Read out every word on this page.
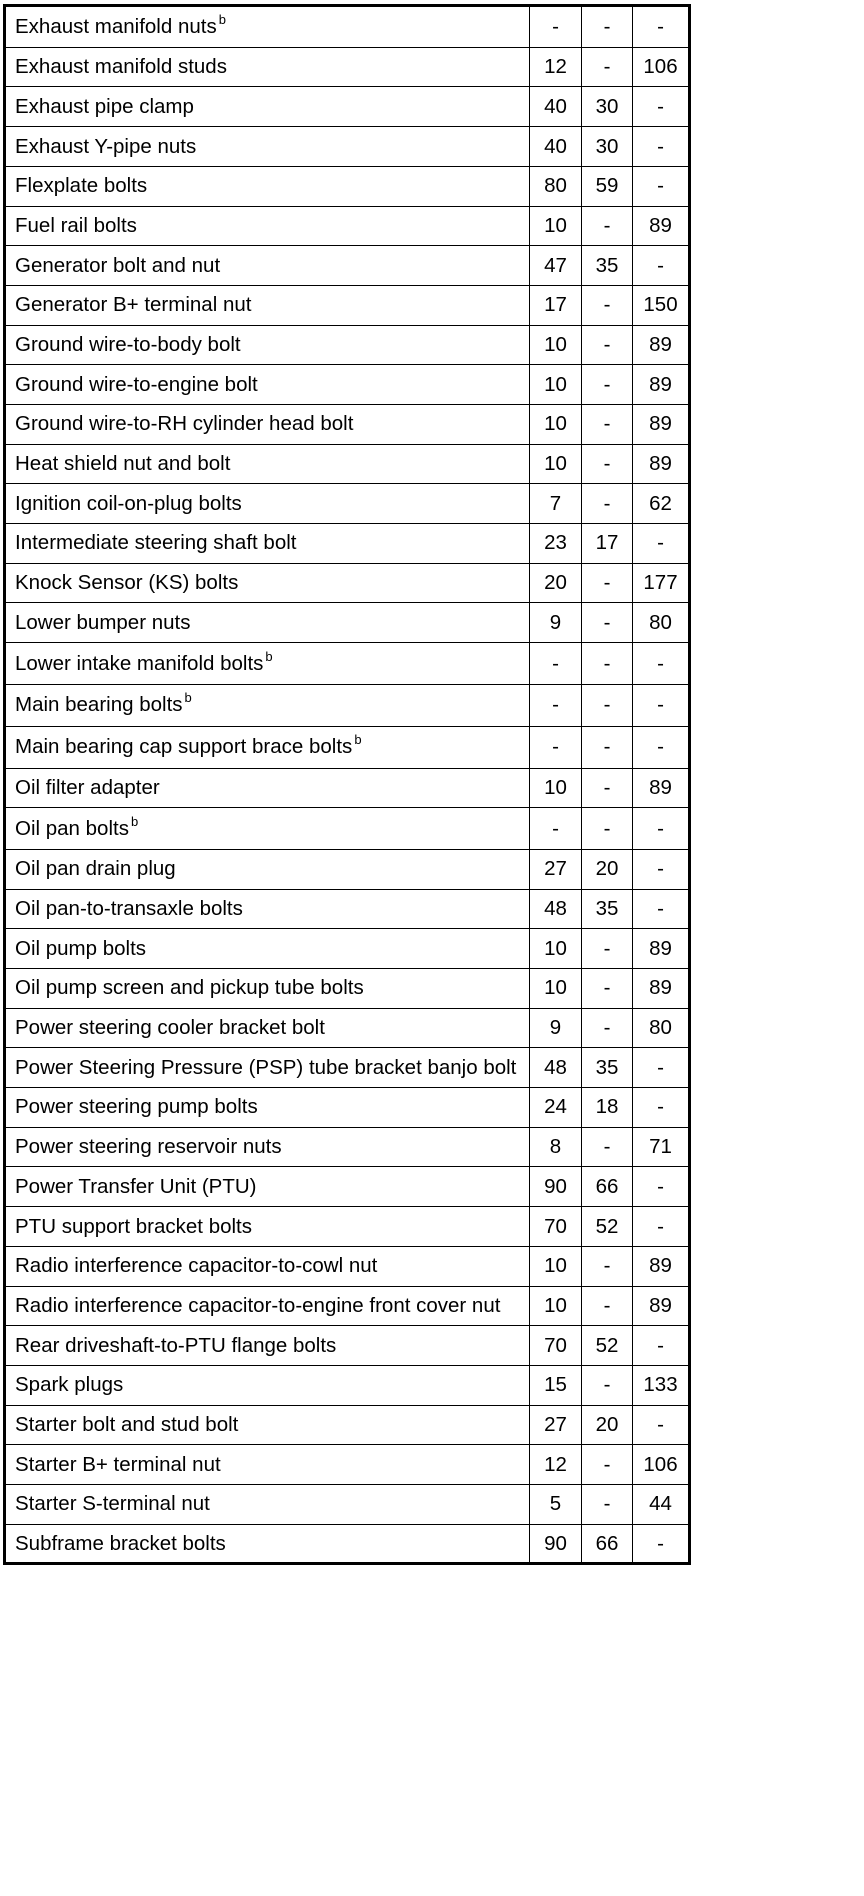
Exhaust manifold nuts $^b$	-	-	-
Exhaust manifold studs	12	-	106
Exhaust pipe clamp	40	30	-
Exhaust Y-pipe nuts	40	30	-
Flexplate bolts	80	59	-
Fuel rail bolts	10	-	89
Generator bolt and nut	47	35	-
Generator B+ terminal nut	17	-	150
Ground wire-to-body bolt	10	-	89
Ground wire-to-engine bolt	10	-	89
Ground wire-to-RH cylinder head bolt	10	-	89
Heat shield nut and bolt	10	-	89
Ignition coil-on-plug bolts	7	-	62
Intermediate steering shaft bolt	23	17	-
Knock Sensor (KS) bolts	20	-	177
Lower bumper nuts	9	-	80
Lower intake manifold bolts $^b$	-	-	-
Main bearing bolts $^b$	-	-	-
Main bearing cap support brace bolts $^b$	-	-	-
Oil filter adapter	10	-	89
Oil pan bolts $^b$	-	-	-
Oil pan drain plug	27	20	-
Oil pan-to-transaxle bolts	48	35	-
Oil pump bolts	10	-	89
Oil pump screen and pickup tube bolts	10	-	89
Power steering cooler bracket bolt	9	-	80
Power Steering Pressure (PSP) tube bracket banjo bolt	48	35	-
Power steering pump bolts	24	18	-
Power steering reservoir nuts	8	-	71
Power Transfer Unit (PTU)	90	66	-
PTU support bracket bolts	70	52	-
Radio interference capacitor-to-cowl nut	10	-	89
Radio interference capacitor-to-engine front cover nut	10	-	89
Rear driveshaft-to-PTU flange bolts	70	52	-
Spark plugs	15	-	133
Starter bolt and stud bolt	27	20	-
Starter B+ terminal nut	12	-	106
Starter S-terminal nut	5	-	44
Subframe bracket bolts	90	66	-
